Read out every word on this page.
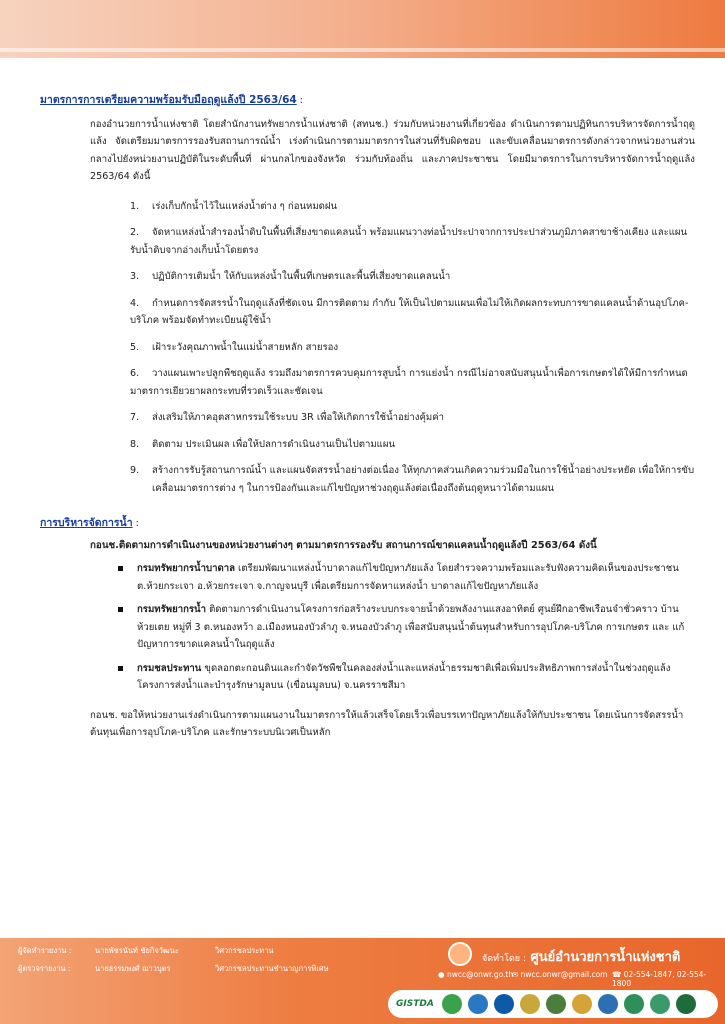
มาตรการการเตรียมความพร้อมรับมือฤดูแล้งปี 2563/64 :
กองอำนวยการน้ำแห่งชาติ โดยสำนักงานทรัพยากรน้ำแห่งชาติ (สทนช.) ร่วมกับหน่วยงานที่เกี่ยวข้อง ดำเนินการตามปฏิทินการบริหารจัดการน้ำฤดูแล้ง จัดเตรียมมาตรการรองรับสถานการณ์น้ำ เร่งดำเนินการตามมาตรการในส่วนที่รับผิดชอบ และขับเคลื่อนมาตรการดังกล่าวจากหน่วยงานส่วนกลางไปยังหน่วยงานปฏิบัติในระดับพื้นที่ ผ่านกลไกของจังหวัด ร่วมกับท้องถิ่น และภาคประชาชน โดยมีมาตรการในการบริหารจัดการน้ำฤดูแล้ง 2563/64 ดังนี้
1.	เร่งเก็บกักน้ำไว้ในแหล่งน้ำต่าง ๆ ก่อนหมดฝน
2.	จัดหาแหล่งน้ำสำรองน้ำดิบในพื้นที่เสี่ยงขาดแคลนน้ำ พร้อมแผนวางท่อน้ำประปาจากการประปาส่วนภูมิภาคสาขาช้างเคียง และแผนรับน้ำดิบจากอ่างเก็บน้ำโดยตรง
3.	ปฏิบัติการเติมน้ำ ให้กับแหล่งน้ำในพื้นที่เกษตรและพื้นที่เสี่ยงขาดแคลนน้ำ
4.	กำหนดการจัดสรรน้ำในฤดูแล้งที่ชัดเจน มีการติดตาม กำกับ ให้เป็นไปตามแผนเพื่อไม่ให้เกิดผลกระทบการขาดแคลนน้ำด้านอุปโภค-บริโภค พร้อมจัดทำทะเบียนผู้ใช้น้ำ
5.	เฝ้าระวังคุณภาพน้ำในแม่น้ำสายหลัก สายรอง
6.	วางแผนเพาะปลูกพืชฤดูแล้ง รวมถึงมาตรการควบคุมการสูบน้ำ การแย่งน้ำ กรณีไม่อาจสนับสนุนน้ำเพื่อการเกษตรได้ให้มีการกำหนดมาตรการเยียวยาผลกระทบที่รวดเร็วและชัดเจน
7.	ส่งเสริมให้ภาคอุตสาหกรรมใช้ระบบ 3R เพื่อให้เกิดการใช้น้ำอย่างคุ้มค่า
8.	ติดตาม ประเมินผล เพื่อให้ปลการดำเนินงานเป็นไปตามแผน
9.	สร้างการรับรู้สถานการณ์น้ำ และแผนจัดสรรน้ำอย่างต่อเนื่อง ให้ทุกภาคส่วนเกิดความร่วมมือในการใช้น้ำอย่างประหยัด เพื่อให้การขับเคลื่อนมาตรการต่าง ๆ ในการป้องกันและแก้ไขปัญหาช่วงฤดูแล้งต่อเนื่องถึงต้นฤดูหนาวได้ตามแผน
การบริหารจัดการน้ำ :
กอนช.ติดตามการดำเนินงานของหน่วยงานต่างๆ ตามมาตรการรองรับ สถานการณ์ขาดแคลนน้ำฤดูแล้งปี 2563/64 ดังนี้
กรมทรัพยากรน้ำบาดาล เตรียมพัฒนาแหล่งน้ำบาดาลแก้ไขปัญหาภัยแล้ง โดยสำรวจความพร้อมและรับฟังความคิดเห็นของประชาชน ต.ห้วยกระเจา อ.ห้วยกระเจา จ.กาญจนบุรี เพื่อเตรียมการจัดหาแหล่งน้ำ บาดาลแก้ไขปัญหาภัยแล้ง
กรมทรัพยากรน้ำ ติดตามการดำเนินงานโครงการก่อสร้างระบบกระจายน้ำด้วยพลังงานแสงอาทิตย์ ศูนย์ฝึกอาชีพเรือนจำชั่วคราว บ้านห้วยเตย หมู่ที่ 3 ต.หนองหว้า อ.เมืองหนองบัวลำภู จ.หนองบัวลำภู เพื่อสนับสนุนน้ำต้นทุนสำหรับการอุปโภค-บริโภค การเกษตร และ แก้ปัญหาการขาดแคลนน้ำในฤดูแล้ง
กรมชลประทาน ขุดลอกตะกอนดินและกำจัดวัชพืชในคลองส่งน้ำและแหล่งน้ำธรรมชาติเพื่อเพิ่มประสิทธิภาพการส่งน้ำในช่วงฤดูแล้ง โครงการส่งน้ำและบำรุงรักษามูลบน (เขื่อนมูลบน) จ.นครราชสีมา
กอนช. ขอให้หน่วยงานเร่งดำเนินการตามแผนงานในมาตรการให้แล้วเสร็จโดยเร็วเพื่อบรรเทาปัญหาภัยแล้งให้กับประชาชน โดยเน้นการจัดสรรน้ำต้นทุนเพื่อการอุปโภค-บริโภค และรักษาระบบนิเวศเป็นหลัก
ผู้จัดทำรายงาน :	นายพัชรนันท์ ชัยกิจวัฒนะ	วิศวกรชลประทาน
ผู้ตรวจรายงาน :	นายธรรมพงศ์ ฌาวบุตร	วิศวกรชลประทานชำนาญการพิเศษ
จัดทำโดย : ศูนย์อำนวยการน้ำแห่งชาติ
● nwcc@onwr.go.th
✉ nwcc.onwr@gmail.com ☎ 02-554-1847, 02-554-1800
GISTDA
